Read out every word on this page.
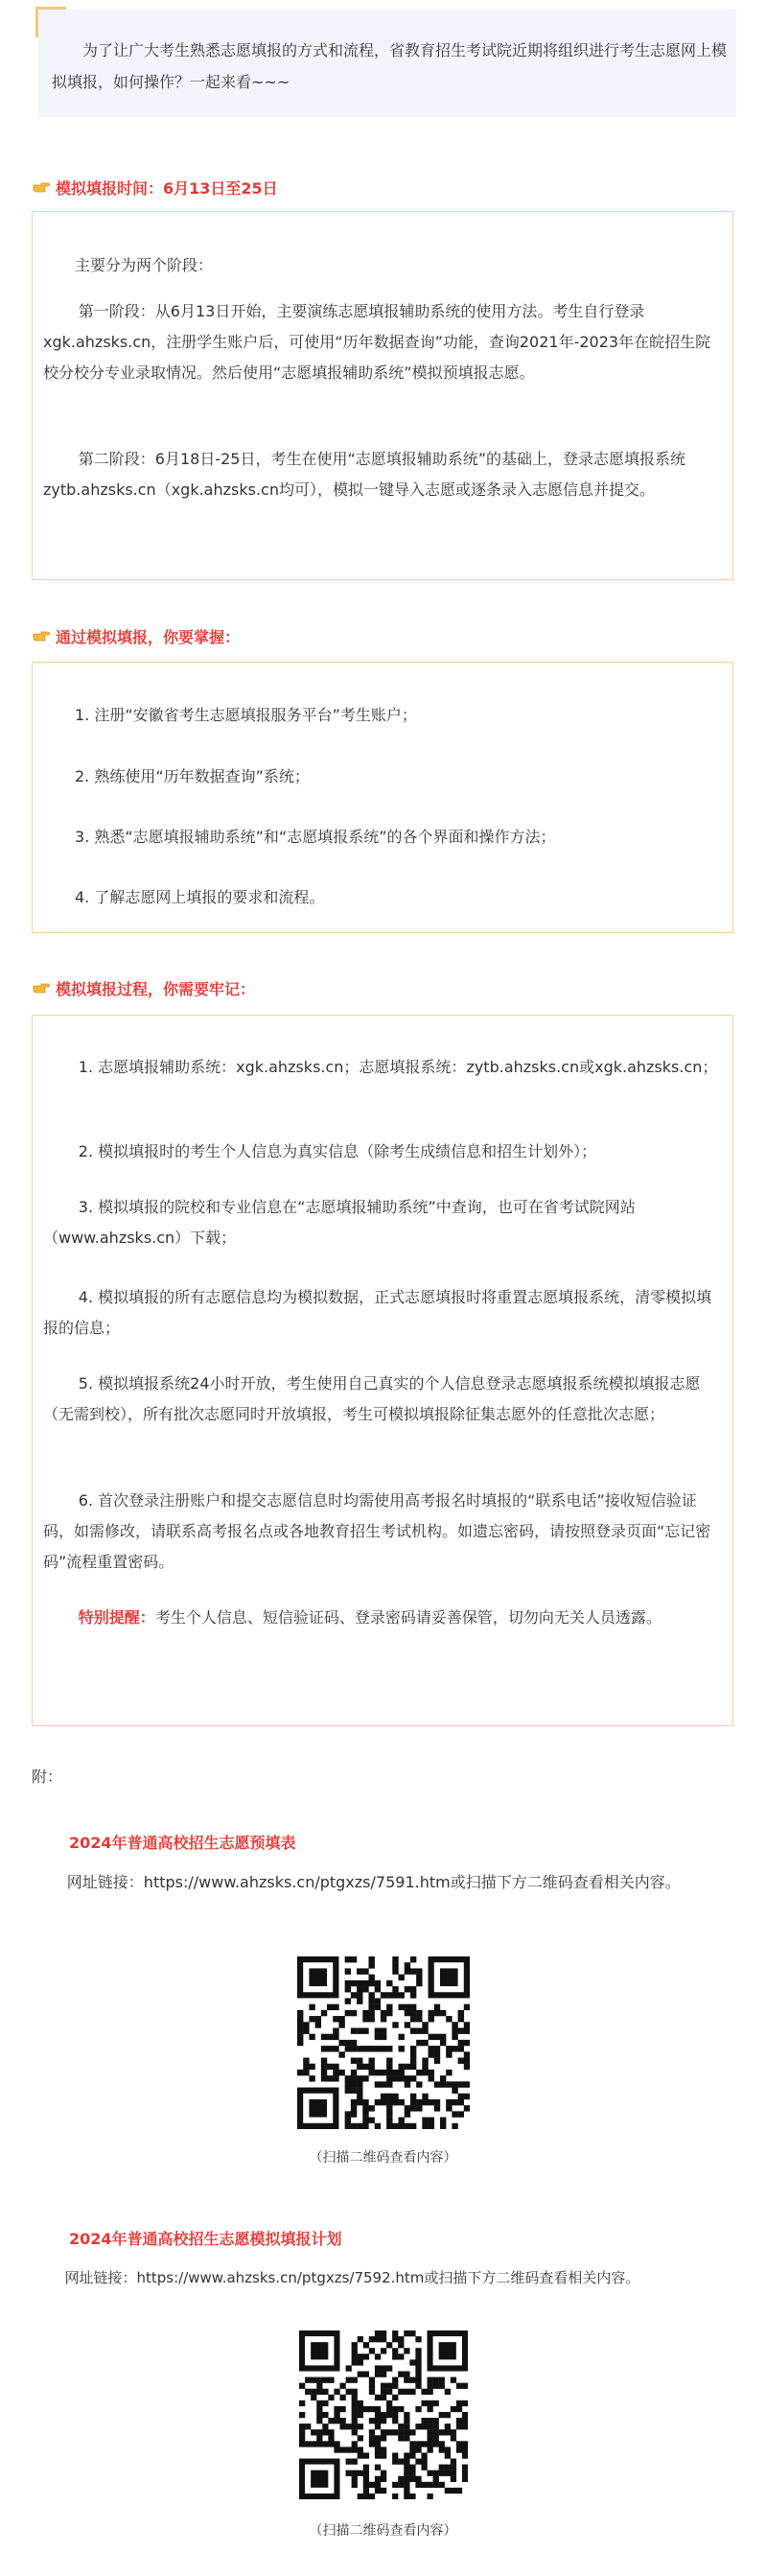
为了让广大考生熟悉志愿填报的方式和流程，省教育招生考试院近期将组织进行考生志愿网上模拟填报，如何操作？一起来看~~~

模拟填报时间：6月13日至25日

主要分为两个阶段：

第一阶段：从6月13日开始，主要演练志愿填报辅助系统的使用方法。考生自行登录xgk.ahzsks.cn，注册学生账户后，可使用“历年数据查询”功能，查询2021年-2023年在皖招生院校分校分专业录取情况。然后使用“志愿填报辅助系统”模拟预填报志愿。

第二阶段：6月18日-25日，考生在使用“志愿填报辅助系统”的基础上，登录志愿填报系统zytb.ahzsks.cn（xgk.ahzsks.cn均可），模拟一键导入志愿或逐条录入志愿信息并提交。

通过模拟填报，你要掌握：

1. 注册“安徽省考生志愿填报服务平台”考生账户；

2. 熟练使用“历年数据查询”系统；

3. 熟悉“志愿填报辅助系统”和“志愿填报系统”的各个界面和操作方法；

4. 了解志愿网上填报的要求和流程。

模拟填报过程，你需要牢记：

1. 志愿填报辅助系统：xgk.ahzsks.cn；志愿填报系统：zytb.ahzsks.cn或xgk.ahzsks.cn；

2. 模拟填报时的考生个人信息为真实信息（除考生成绩信息和招生计划外）；

3. 模拟填报的院校和专业信息在“志愿填报辅助系统”中查询，也可在省考试院网站（www.ahzsks.cn）下载；

4. 模拟填报的所有志愿信息均为模拟数据，正式志愿填报时将重置志愿填报系统，清零模拟填报的信息；

5. 模拟填报系统24小时开放，考生使用自己真实的个人信息登录志愿填报系统模拟填报志愿（无需到校），所有批次志愿同时开放填报，考生可模拟填报除征集志愿外的任意批次志愿；

6. 首次登录注册账户和提交志愿信息时均需使用高考报名时填报的“联系电话”接收短信验证码，如需修改，请联系高考报名点或各地教育招生考试机构。如遗忘密码，请按照登录页面“忘记密码”流程重置密码。

特别提醒：考生个人信息、短信验证码、登录密码请妥善保管，切勿向无关人员透露。

附：

2024年普通高校招生志愿预填表

网址链接：https://www.ahzsks.cn/ptgxzs/7591.htm或扫描下方二维码查看相关内容。

（扫描二维码查看内容）

2024年普通高校招生志愿模拟填报计划

网址链接：https://www.ahzsks.cn/ptgxzs/7592.htm或扫描下方二维码查看相关内容。

（扫描二维码查看内容）
